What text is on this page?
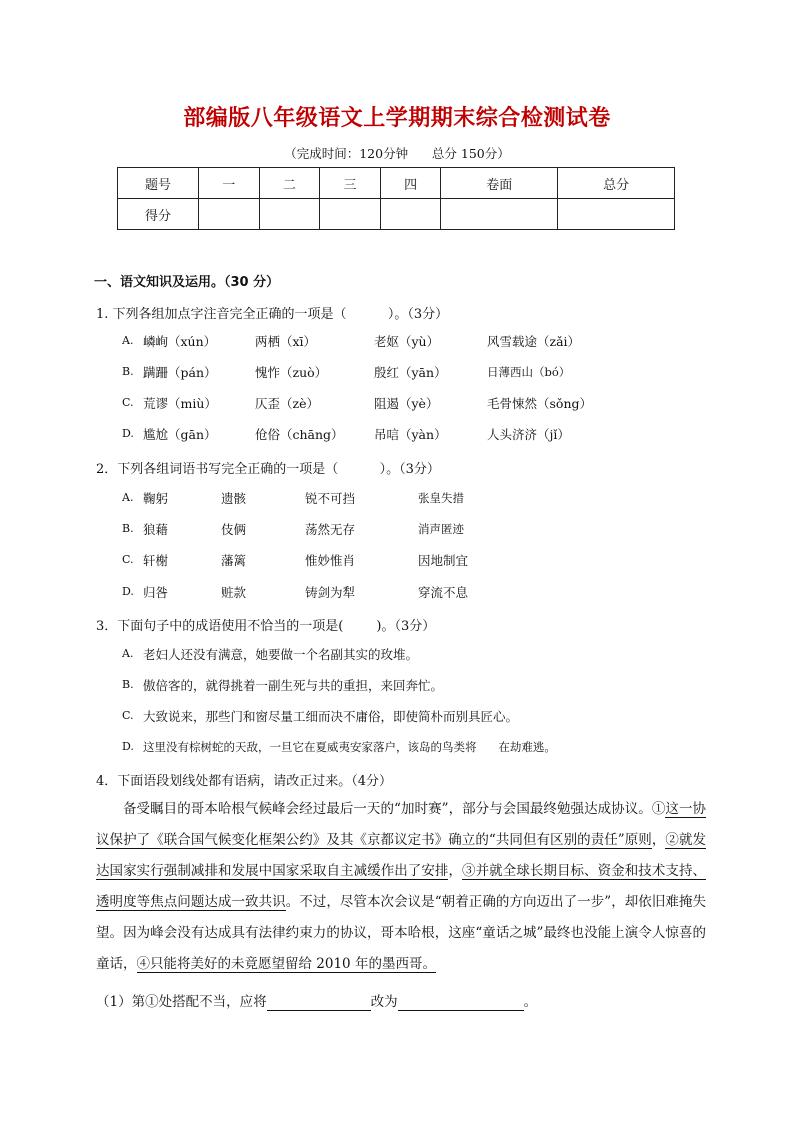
部编版八年级语文上学期期末综合检测试卷
（完成时间：120分钟      总分 150分）
题号	一	二	三	四	卷面	总分
得分						
一、语文知识及运用。（30 分）
1. 下列各组加点字注音完全正确的一项是（          ）。（3分）
A. 嶙峋（xún）	两栖（xī）	老妪（yù）	风雪载途（zǎi）
B. 蹒跚（pán）	愧怍（zuò）	殷红（yān）	日薄西山（bó）
C. 荒谬（miù）	仄歪（zè）	阻遏（yè）	毛骨悚然（sǒng）
D. 尴尬（gān）	伧俗（chāng） 吊唁（yàn）	人头济济（jǐ）
2．下列各组词语书写完全正确的一项是（          ）。（3分）
A. 鞠躬	遗骸	锐不可挡	张皇失措
B. 狼藉	伎俩	荡然无存	消声匿迹
C. 轩榭	藩篱	惟妙惟肖	因地制宜
D. 归咎	赃款	铸剑为犁	穿流不息
3．下面句子中的成语使用不恰当的一项是(        )。（3分）
A. 老妇人还没有满意，她要做一个名副其实的玫堆。
B. 傲倍客的，就得挑着一副生死与共的重担，来回奔忙。
C. 大致说来，那些门和窗尽量工细而决不庸俗，即使简朴而别具匠心。
D. 这里没有棕树蛇的天敌，一旦它在夏威夷安家落户，该岛的鸟类将      在劫难逃。
4．下面语段划线处都有语病，请改正过来。（4分）
备受瞩目的哥本哈根气候峰会经过最后一天的“加时赛”，部分与会国最终勉强达成协议。①这一协议保护了《联合国气候变化框架公约》及其《京都议定书》确立的“共同但有区别的责任”原则，②就发达国家实行强制减排和发展中国家采取自主减缓作出了安排，③并就全球长期目标、资金和技术支持、透明度等焦点问题达成一致共识。不过，尽管本次会议是“朝着正确的方向迈出了一步”，却依旧难掩失望。因为峰会没有达成具有法律约束力的协议，哥本哈根，这座“童话之城”最终也没能上演令人惊喜的童话，④只能将美好的未竟愿望留给 2010 年的墨西哥。
（1）第①处搭配不当，应将	改为	。
